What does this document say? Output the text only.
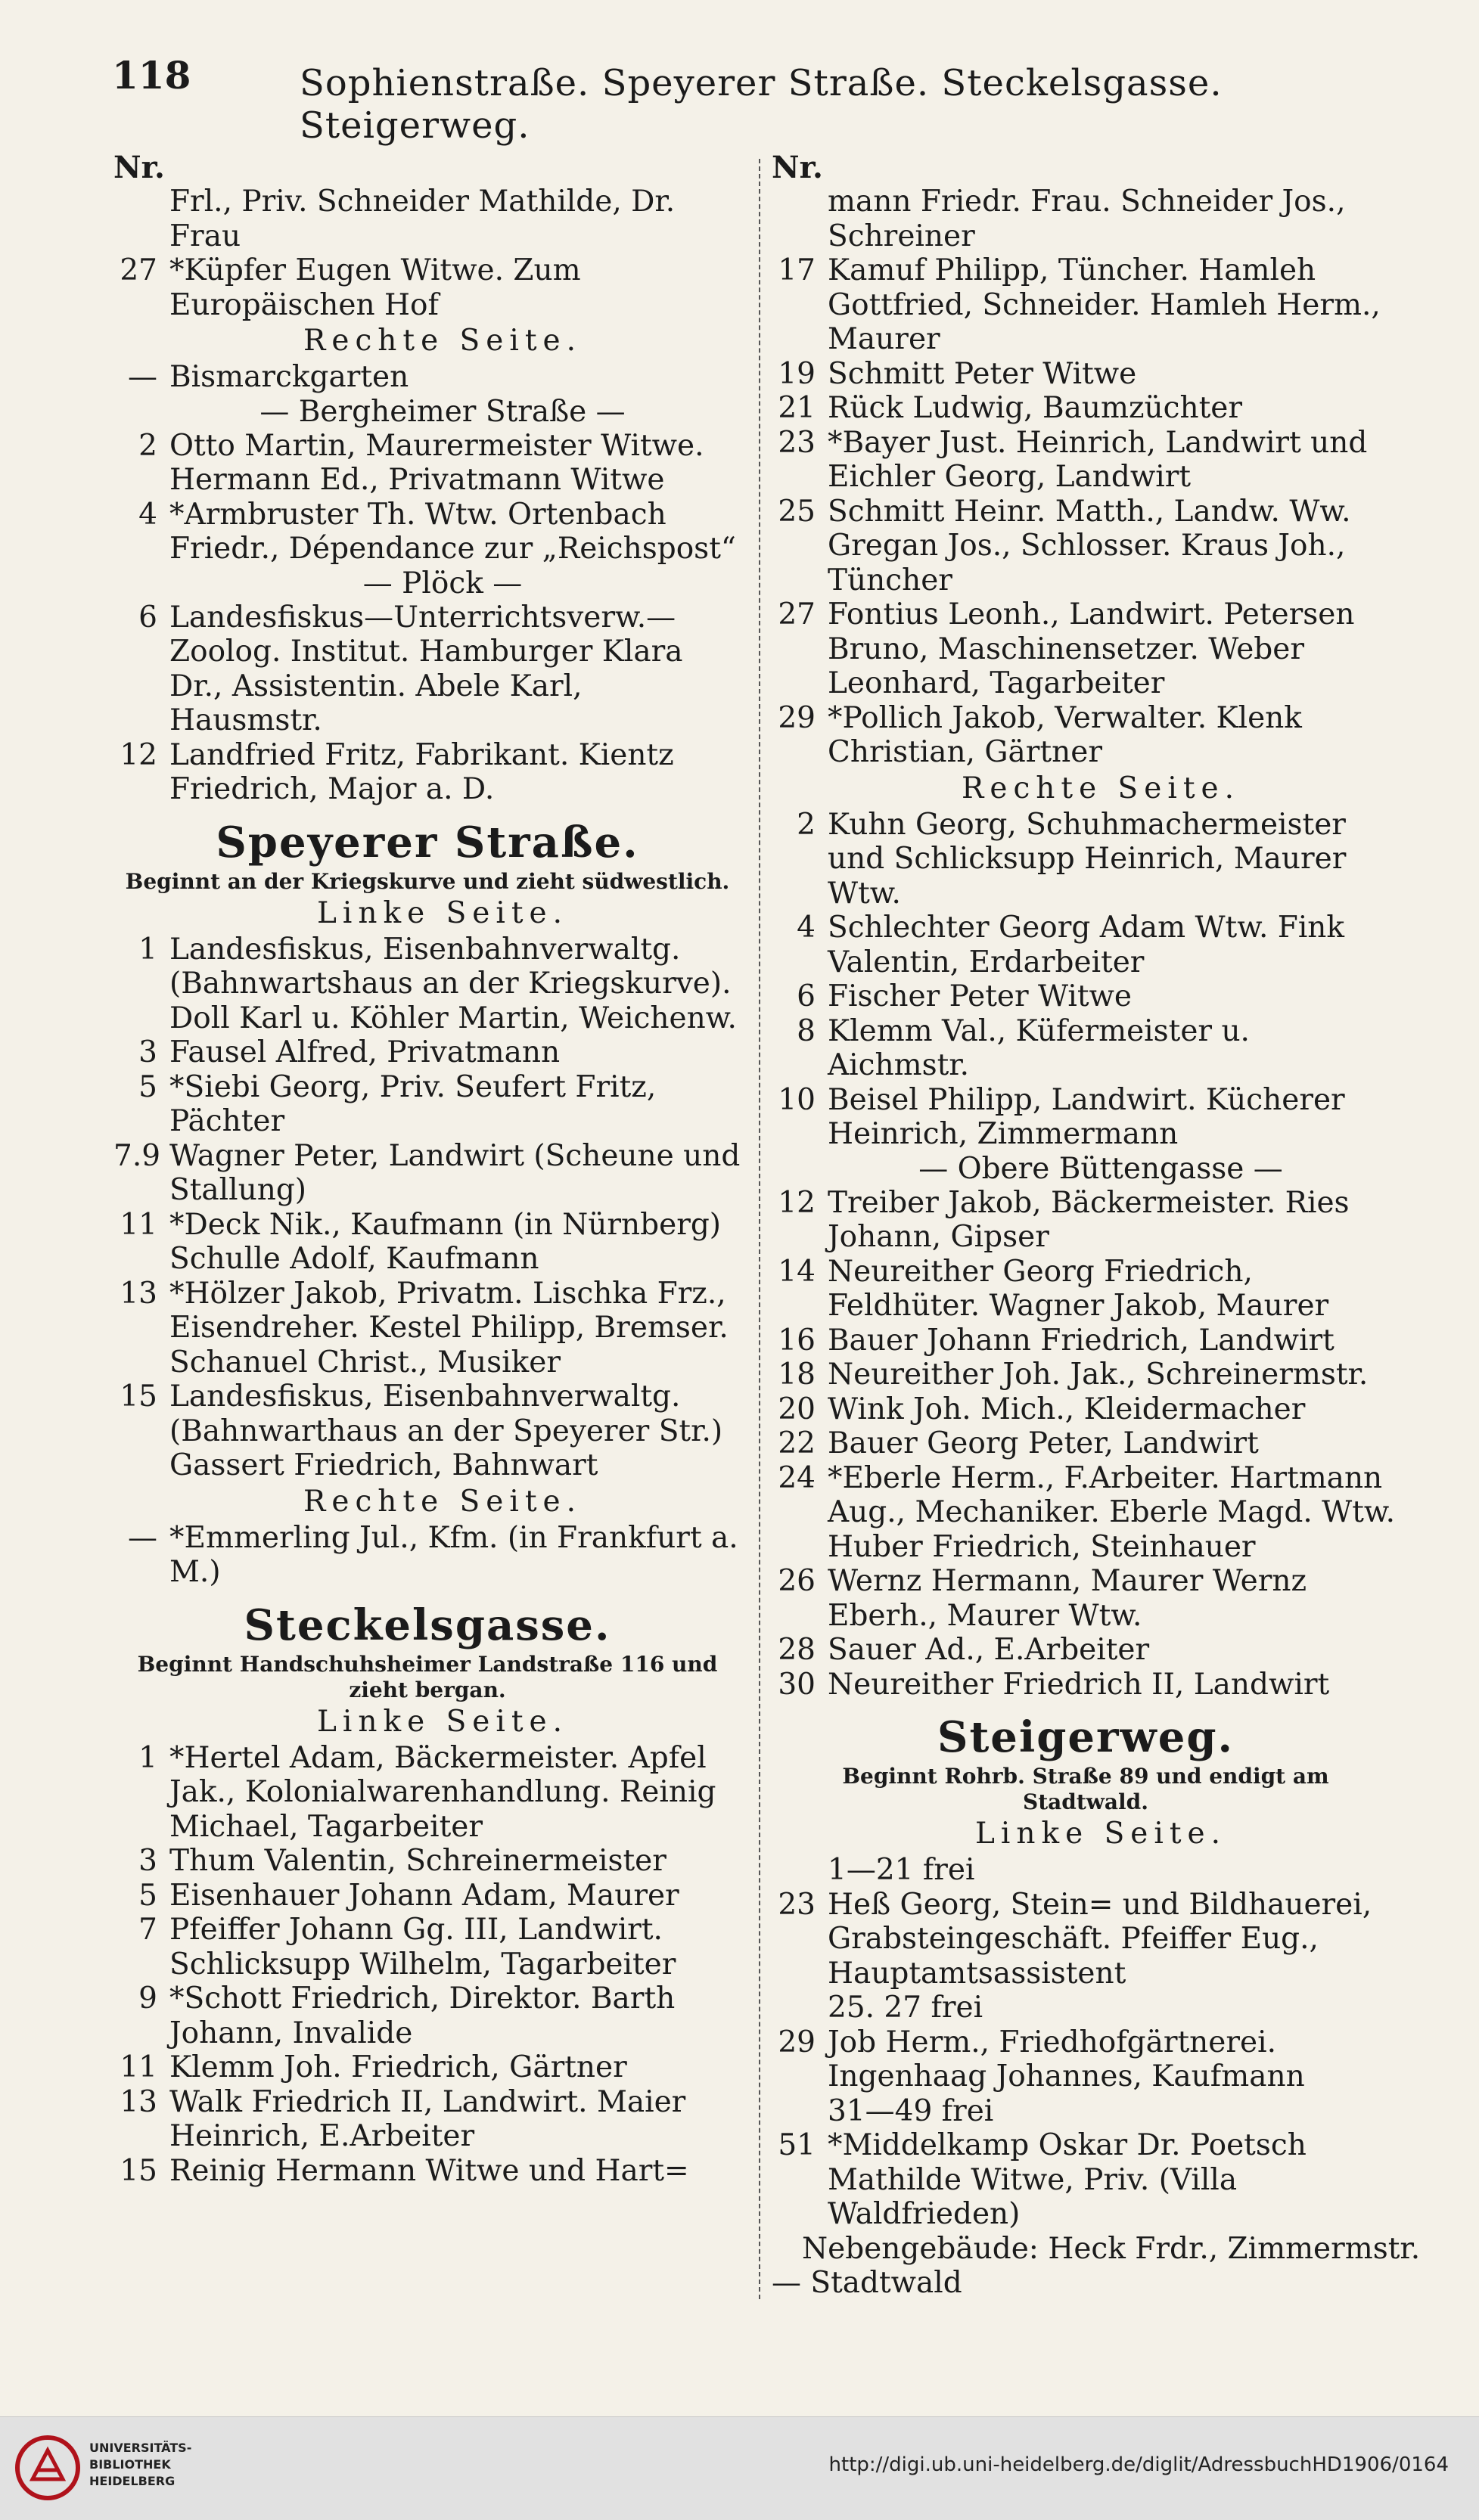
118	Sophienstraße. Speyerer Straße. Steckelsgasse. Steigerweg.
Nr.
Frl., Priv. Schneider Mathilde, Dr. Frau
27 *Küpfer Eugen Witwe. Zum Europäischen Hof
Rechte Seite.
— Bismarckgarten
— Bergheimer Straße —
2 Otto Martin, Maurermeister Witwe. Hermann Ed., Privatmann Witwe
4 *Armbruster Th. Wtw. Ortenbach Friedr., Dépendance zur „Reichspost“
— Plöck —
6 Landesfiskus—Unterrichtsverw.— Zoolog. Institut. Hamburger Klara Dr., Assistentin. Abele Karl, Hausmstr.
12 Landfried Fritz, Fabrikant. Kientz Friedrich, Major a. D.
Speyerer Straße.
Beginnt an der Kriegskurve und zieht südwestlich.
Linke Seite.
1 Landesfiskus, Eisenbahnverwaltg. (Bahnwartshaus an der Kriegskurve). Doll Karl u. Köhler Martin, Weichenw.
3 Fausel Alfred, Privatmann
5 *Siebi Georg, Priv. Seufert Fritz, Pächter
7.9 Wagner Peter, Landwirt (Scheune und Stallung)
11 *Deck Nik., Kaufmann (in Nürnberg) Schulle Adolf, Kaufmann
13 *Hölzer Jakob, Privatm. Lischka Frz., Eisendreher. Kestel Philipp, Bremser. Schanuel Christ., Musiker
15 Landesfiskus, Eisenbahnverwaltg. (Bahnwarthaus an der Speyerer Str.) Gassert Friedrich, Bahnwart
Rechte Seite.
— *Emmerling Jul., Kfm. (in Frankfurt a. M.)
Steckelsgasse.
Beginnt Handschuhsheimer Landstraße 116 und zieht bergan.
Linke Seite.
1 *Hertel Adam, Bäckermeister. Apfel Jak., Kolonialwarenhandlung. Reinig Michael, Tagarbeiter
3 Thum Valentin, Schreinermeister
5 Eisenhauer Johann Adam, Maurer
7 Pfeiffer Johann Gg. III, Landwirt. Schlicksupp Wilhelm, Tagarbeiter
9 *Schott Friedrich, Direktor. Barth Johann, Invalide
11 Klemm Joh. Friedrich, Gärtner
13 Walk Friedrich II, Landwirt. Maier Heinrich, E.Arbeiter
15 Reinig Hermann Witwe und Hart=
Nr.
mann Friedr. Frau. Schneider Jos., Schreiner
17 Kamuf Philipp, Tüncher. Hamleh Gottfried, Schneider. Hamleh Herm., Maurer
19 Schmitt Peter Witwe
21 Rück Ludwig, Baumzüchter
23 *Bayer Just. Heinrich, Landwirt und Eichler Georg, Landwirt
25 Schmitt Heinr. Matth., Landw. Ww. Gregan Jos., Schlosser. Kraus Joh., Tüncher
27 Fontius Leonh., Landwirt. Petersen Bruno, Maschinensetzer. Weber Leonhard, Tagarbeiter
29 *Pollich Jakob, Verwalter. Klenk Christian, Gärtner
Rechte Seite.
2 Kuhn Georg, Schuhmachermeister und Schlicksupp Heinrich, Maurer Wtw.
4 Schlechter Georg Adam Wtw. Fink Valentin, Erdarbeiter
6 Fischer Peter Witwe
8 Klemm Val., Küfermeister u. Aichmstr.
10 Beisel Philipp, Landwirt. Kücherer Heinrich, Zimmermann
— Obere Büttengasse —
12 Treiber Jakob, Bäckermeister. Ries Johann, Gipser
14 Neureither Georg Friedrich, Feldhüter. Wagner Jakob, Maurer
16 Bauer Johann Friedrich, Landwirt
18 Neureither Joh. Jak., Schreinermstr.
20 Wink Joh. Mich., Kleidermacher
22 Bauer Georg Peter, Landwirt
24 *Eberle Herm., F.Arbeiter. Hartmann Aug., Mechaniker. Eberle Magd. Wtw. Huber Friedrich, Steinhauer
26 Wernz Hermann, Maurer Wernz Eberh., Maurer Wtw.
28 Sauer Ad., E.Arbeiter
30 Neureither Friedrich II, Landwirt
Steigerweg.
Beginnt Rohrb. Straße 89 und endigt am Stadtwald.
Linke Seite.
1—21 frei
23 Heß Georg, Stein= und Bildhauerei, Grabsteingeschäft. Pfeiffer Eug., Hauptamtsassistent
25. 27 frei
29 Job Herm., Friedhofgärtnerei. Ingenhaag Johannes, Kaufmann
31—49 frei
51 *Middelkamp Oskar Dr. Poetsch Mathilde Witwe, Priv. (Villa Waldfrieden)
Nebengebäude: Heck Frdr., Zimmermstr.
— Stadtwald
UNIVERSITÄTS-
BIBLIOTHEK
HEIDELBERG
http://digi.ub.uni-heidelberg.de/diglit/AdressbuchHD1906/0164
